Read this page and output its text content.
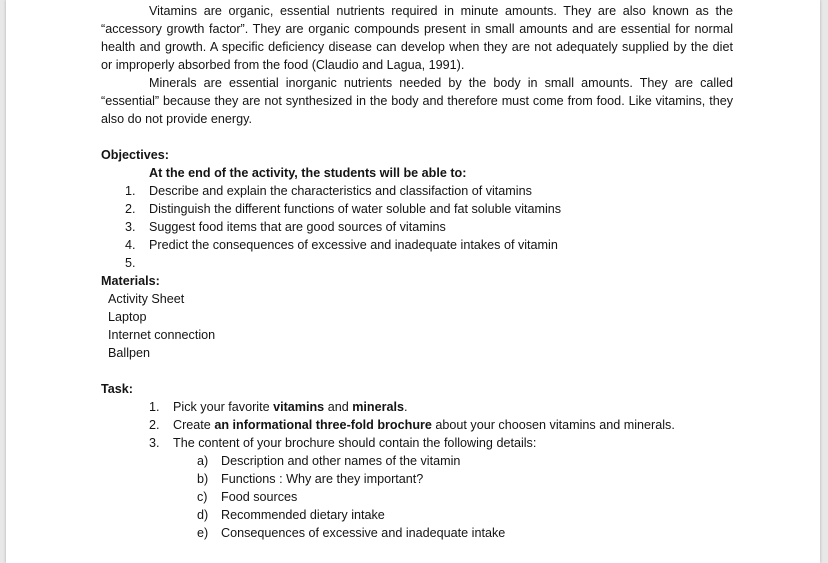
Vitamins are organic, essential nutrients required in minute amounts. They are also known as the “accessory growth factor”. They are organic compounds present in small amounts and are essential for normal health and growth. A specific deficiency disease can develop when they are not adequately supplied by the diet or improperly absorbed from the food (Claudio and Lagua, 1991).

Minerals are essential inorganic nutrients needed by the body in small amounts. They are called “essential” because they are not synthesized in the body and therefore must come from food. Like vitamins, they also do not provide energy.

Objectives:
At the end of the activity, the students will be able to:
1. Describe and explain the characteristics and classifaction of vitamins
2. Distinguish the different functions of water soluble and fat soluble vitamins
3. Suggest food items that are good sources of vitamins
4. Predict the consequences of excessive and inadequate intakes of vitamin
5.

Materials:
Activity Sheet
Laptop
Internet connection
Ballpen
Task:
1. Pick your favorite vitamins and minerals.
2. Create an informational three-fold brochure about your choosen vitamins and minerals.
3. The content of your brochure should contain the following details:
a) Description and other names of the vitamin
b) Functions : Why are they important?
c) Food sources
d) Recommended dietary intake
e) Consequences of excessive and inadequate intake
